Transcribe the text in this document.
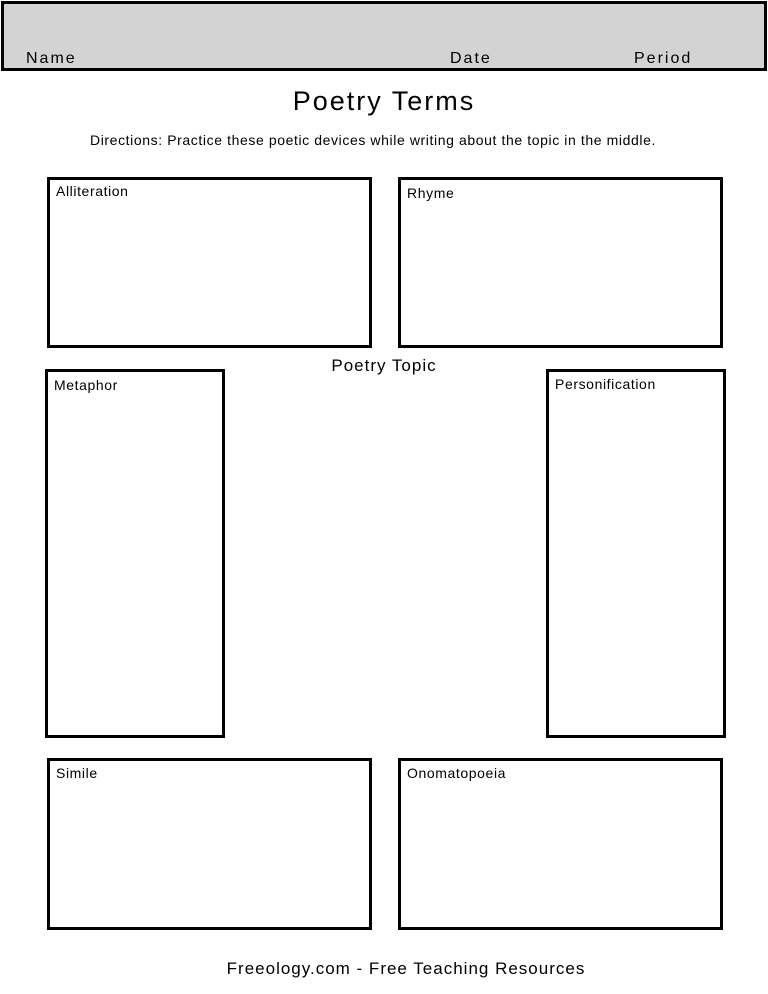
Name	Date	Period
Poetry Terms
Directions: Practice these poetic devices while writing about the topic in the middle.
Alliteration	Rhyme
Poetry Topic
Metaphor	Personification
Simile	Onomatopoeia
Freeology.com - Free Teaching Resources
